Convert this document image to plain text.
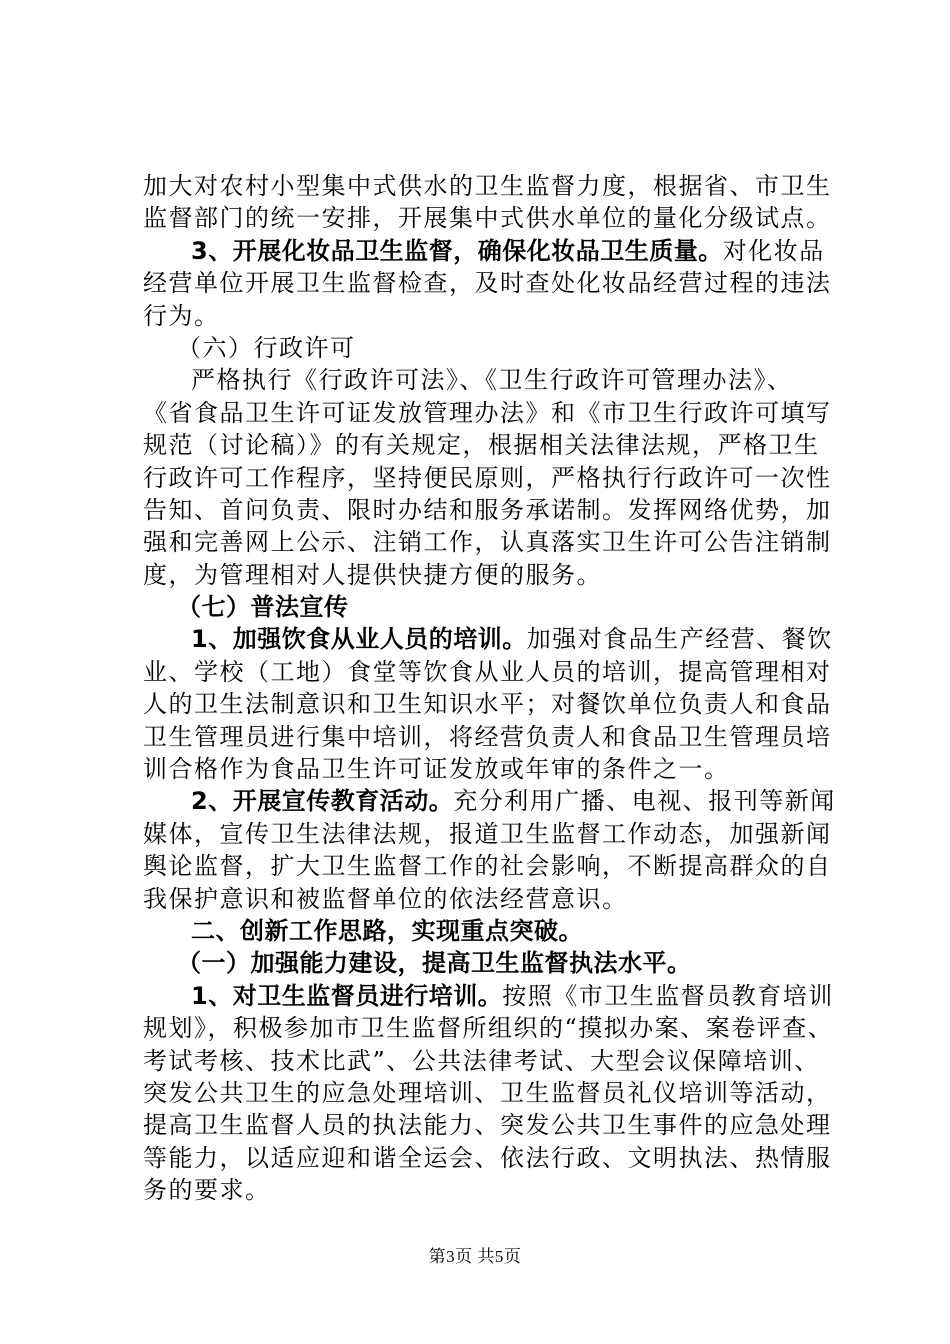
加大对农村小型集中式供水的卫生监督力度，根据省、市卫生
监督部门的统一安排，开展集中式供水单位的量化分级试点。
3、开展化妆品卫生监督，确保化妆品卫生质量。对化妆品
经营单位开展卫生监督检查，及时查处化妆品经营过程的违法
行为。
（六）行政许可
严格执行《行政许可法》、《卫生行政许可管理办法》、
《省食品卫生许可证发放管理办法》和《市卫生行政许可填写
规范（讨论稿）》的有关规定，根据相关法律法规，严格卫生
行政许可工作程序，坚持便民原则，严格执行行政许可一次性
告知、首问负责、限时办结和服务承诺制。发挥网络优势，加
强和完善网上公示、注销工作，认真落实卫生许可公告注销制
度，为管理相对人提供快捷方便的服务。
（七）普法宣传
1、加强饮食从业人员的培训。加强对食品生产经营、餐饮
业、学校（工地）食堂等饮食从业人员的培训，提高管理相对
人的卫生法制意识和卫生知识水平；对餐饮单位负责人和食品
卫生管理员进行集中培训，将经营负责人和食品卫生管理员培
训合格作为食品卫生许可证发放或年审的条件之一。
2、开展宣传教育活动。充分利用广播、电视、报刊等新闻
媒体，宣传卫生法律法规，报道卫生监督工作动态，加强新闻
舆论监督，扩大卫生监督工作的社会影响，不断提高群众的自
我保护意识和被监督单位的依法经营意识。
二、创新工作思路，实现重点突破。
（一）加强能力建设，提高卫生监督执法水平。
1、对卫生监督员进行培训。按照《市卫生监督员教育培训
规划》，积极参加市卫生监督所组织的“摸拟办案、案卷评查、
考试考核、技术比武”、公共法律考试、大型会议保障培训、
突发公共卫生的应急处理培训、卫生监督员礼仪培训等活动，
提高卫生监督人员的执法能力、突发公共卫生事件的应急处理
等能力，以适应迎和谐全运会、依法行政、文明执法、热情服
务的要求。
第3页 共5页
